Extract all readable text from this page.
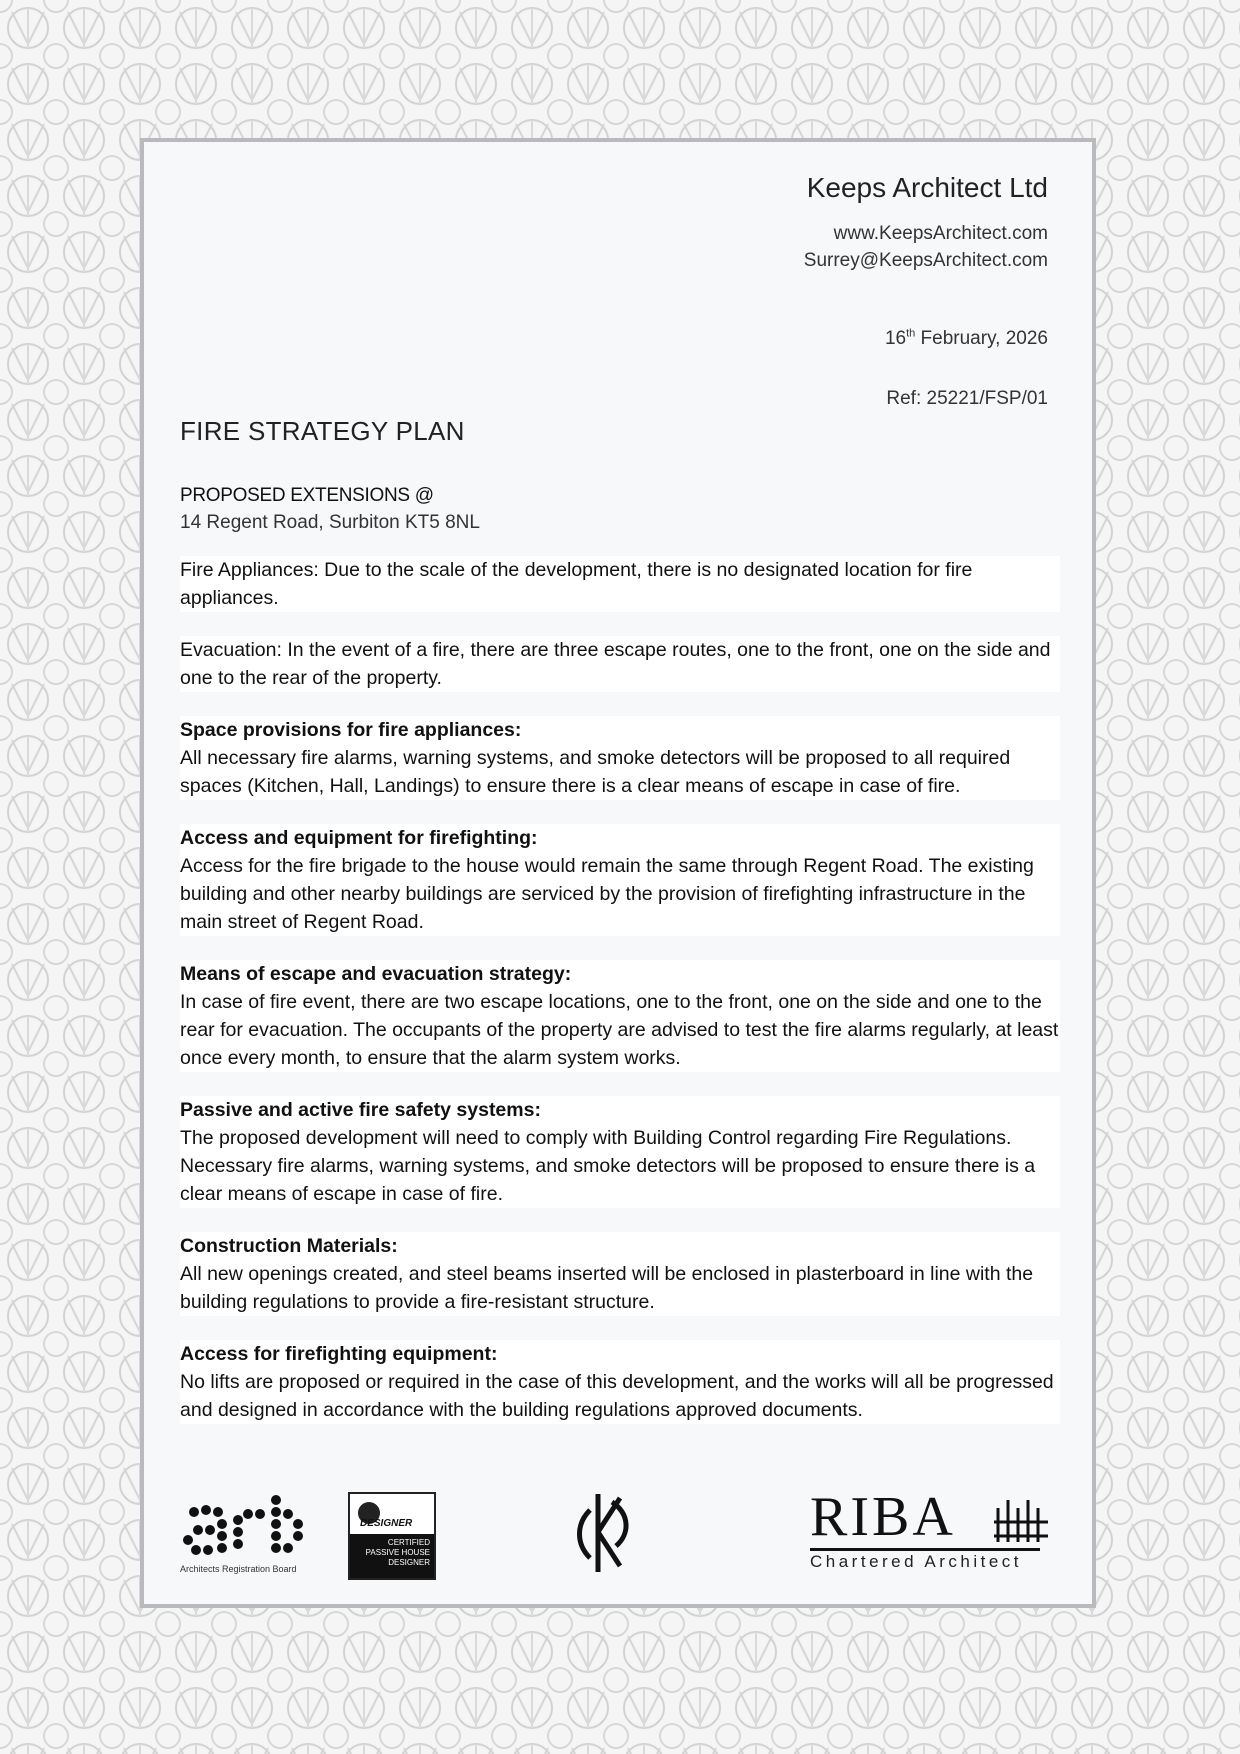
Keeps Architect Ltd

www.KeepsArchitect.com
Surrey@KeepsArchitect.com
16th February, 2026
Ref: 25221/FSP/01
FIRE STRATEGY PLAN
PROPOSED EXTENSIONS @
14 Regent Road, Surbiton KT5 8NL
Fire Appliances: Due to the scale of the development, there is no designated location for fire appliances.
Evacuation: In the event of a fire, there are three escape routes, one to the front, one on the side and one to the rear of the property.
Space provisions for fire appliances:
All necessary fire alarms, warning systems, and smoke detectors will be proposed to all required spaces (Kitchen, Hall, Landings) to ensure there is a clear means of escape in case of fire.
Access and equipment for firefighting:
Access for the fire brigade to the house would remain the same through Regent Road. The existing building and other nearby buildings are serviced by the provision of firefighting infrastructure in the main street of Regent Road.
Means of escape and evacuation strategy:
In case of fire event, there are two escape locations, one to the front, one on the side and one to the rear for evacuation. The occupants of the property are advised to test the fire alarms regularly, at least once every month, to ensure that the alarm system works.
Passive and active fire safety systems:
The proposed development will need to comply with Building Control regarding Fire Regulations. Necessary fire alarms, warning systems, and smoke detectors will be proposed to ensure there is a clear means of escape in case of fire.
Construction Materials:
All new openings created, and steel beams inserted will be enclosed in plasterboard in line with the building regulations to provide a fire-resistant structure.
Access for firefighting equipment:
No lifts are proposed or required in the case of this development, and the works will all be progressed and designed in accordance with the building regulations approved documents.
Architects Registration Board
DESIGNER
CERTIFIED
PASSIVE HOUSE
DESIGNER
RIBA
Chartered Architect
